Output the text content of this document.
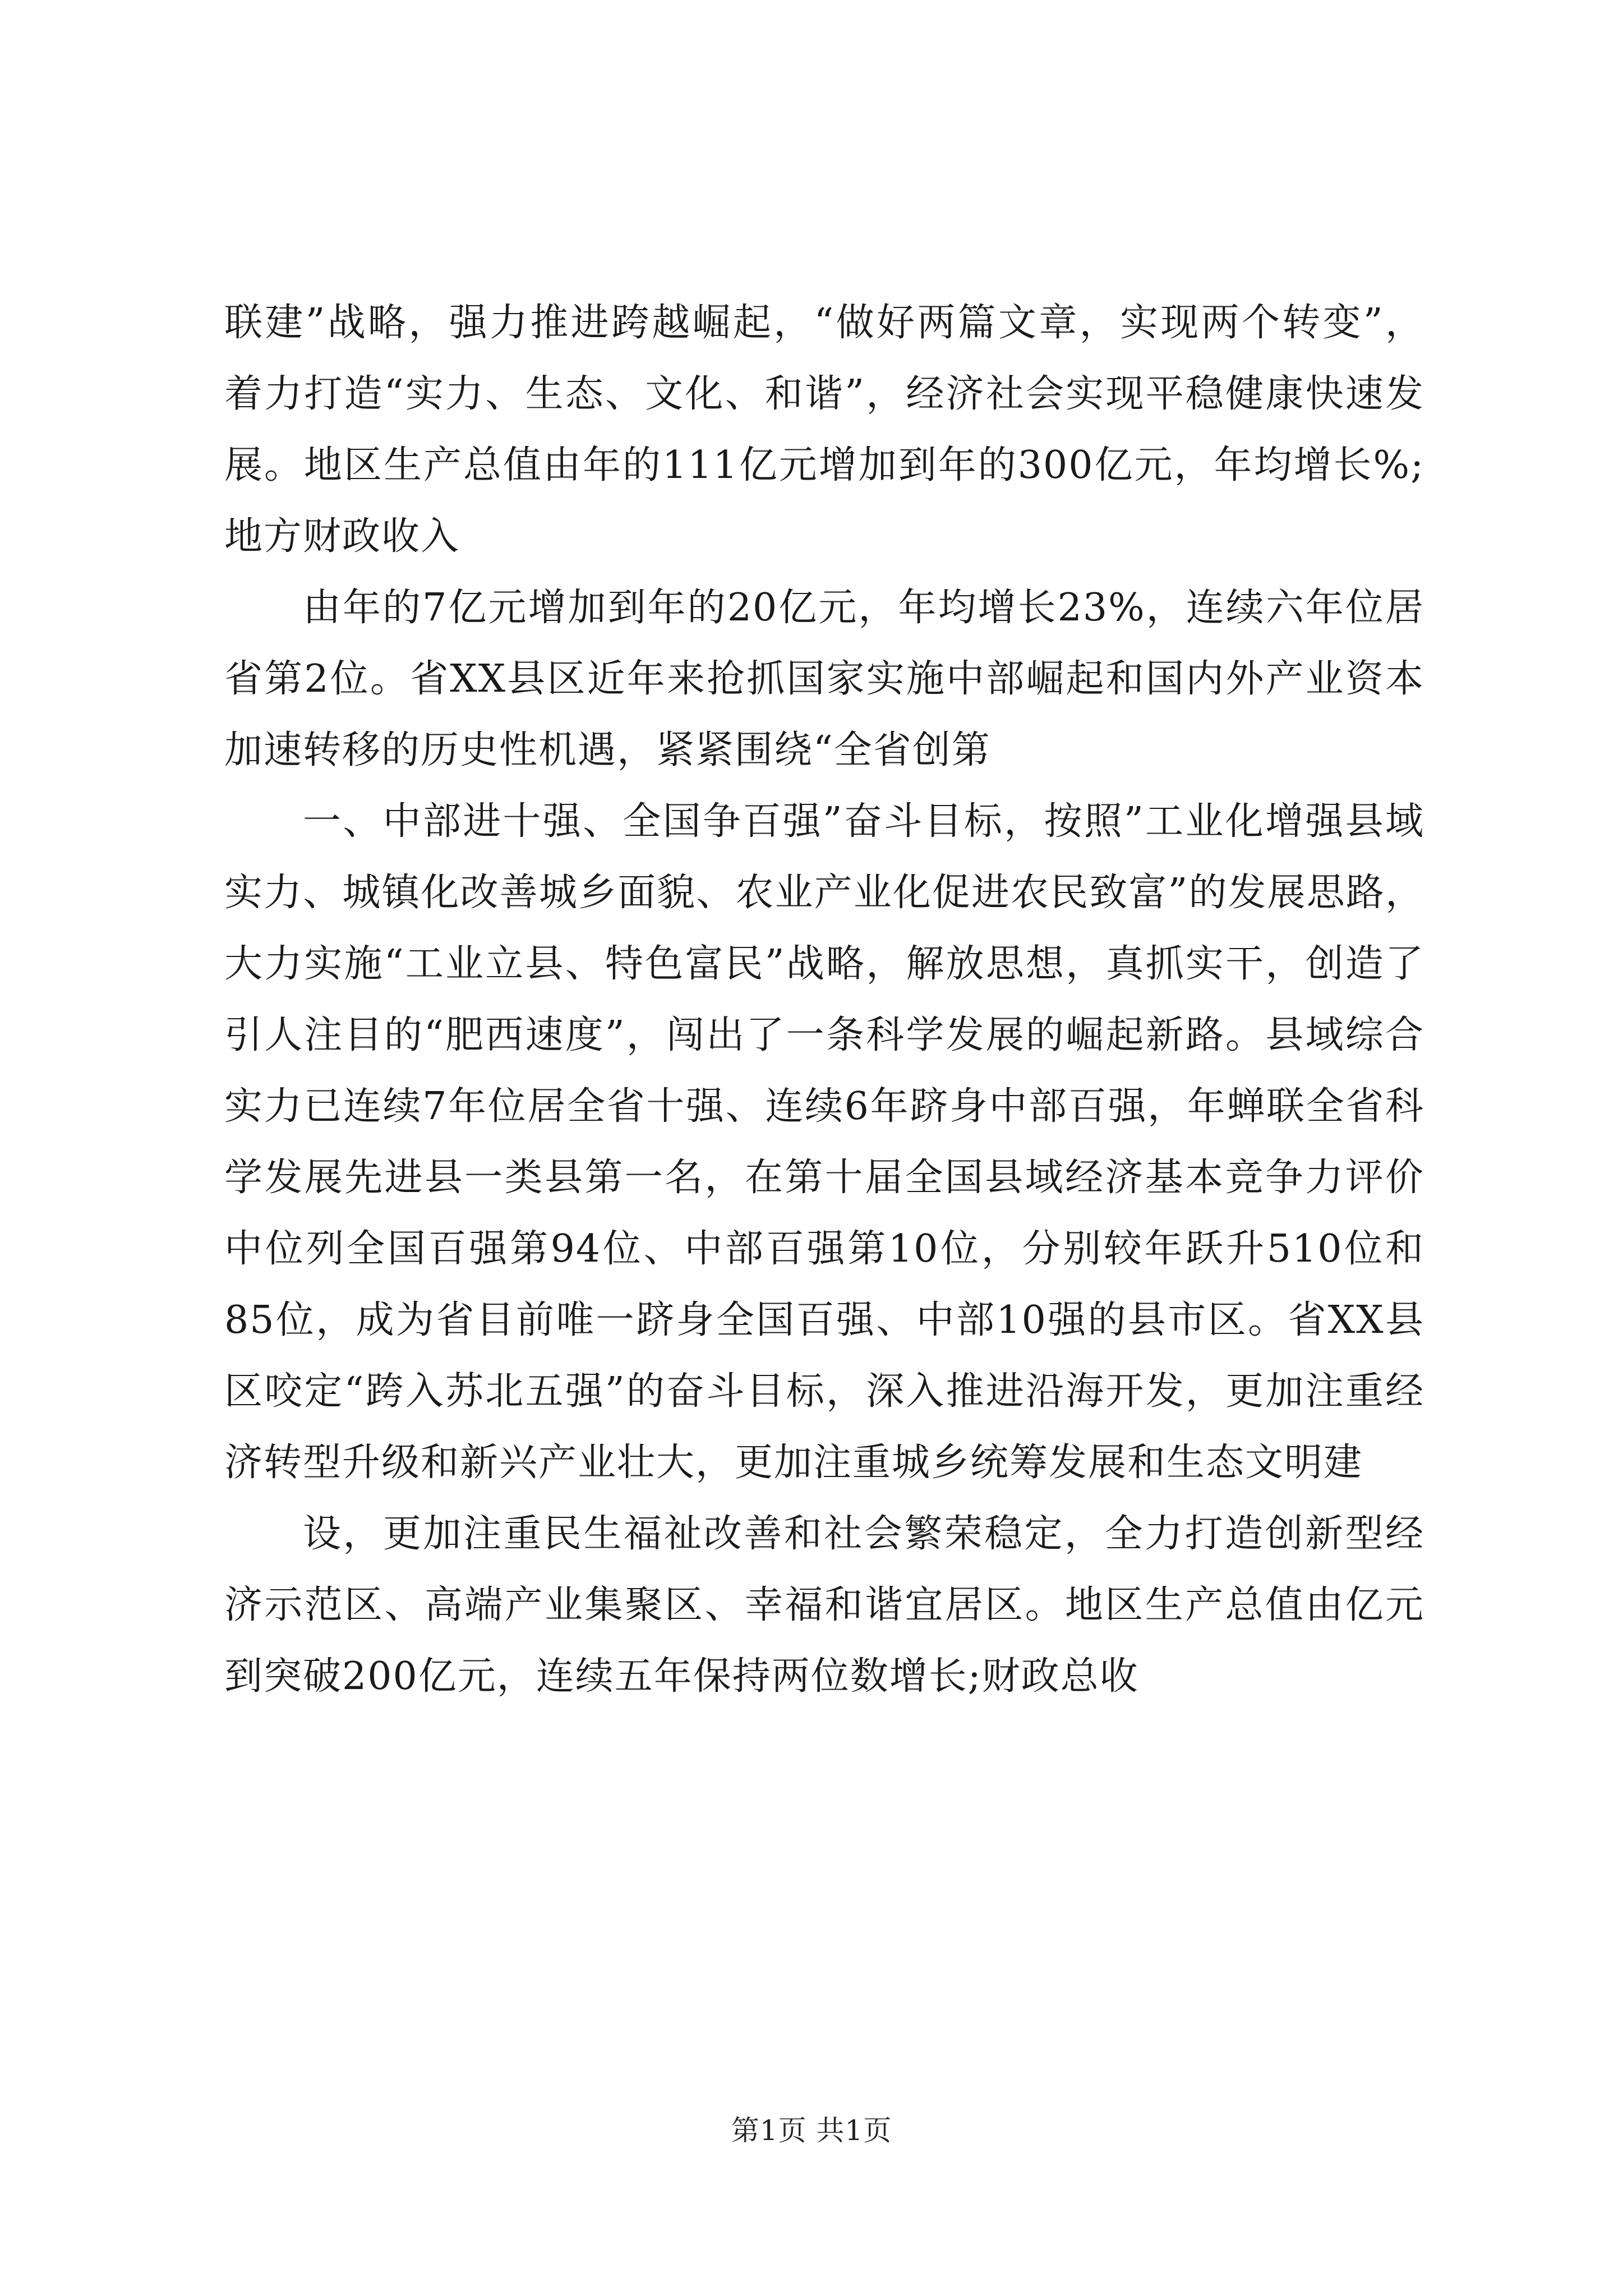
联建”战略，强力推进跨越崛起，“做好两篇文章，实现两个转变”，着力打造“实力、生态、文化、和谐”，经济社会实现平稳健康快速发展。地区生产总值由年的111亿元增加到年的300亿元，年均增长%;地方财政收入

由年的7亿元增加到年的20亿元，年均增长23%，连续六年位居省第2位。省XX县区近年来抢抓国家实施中部崛起和国内外产业资本加速转移的历史性机遇，紧紧围绕“全省创第

一、中部进十强、全国争百强”奋斗目标，按照”工业化增强县域实力、城镇化改善城乡面貌、农业产业化促进农民致富”的发展思路，大力实施“工业立县、特色富民”战略，解放思想，真抓实干，创造了引人注目的“肥西速度”，闯出了一条科学发展的崛起新路。县域综合实力已连续7年位居全省十强、连续6年跻身中部百强，年蝉联全省科学发展先进县一类县第一名，在第十届全国县域经济基本竞争力评价中位列全国百强第94位、中部百强第10位，分别较年跃升510位和85位，成为省目前唯一跻身全国百强、中部10强的县市区。省XX县区咬定“跨入苏北五强”的奋斗目标，深入推进沿海开发，更加注重经济转型升级和新兴产业壮大，更加注重城乡统筹发展和生态文明建

设，更加注重民生福祉改善和社会繁荣稳定，全力打造创新型经济示范区、高端产业集聚区、幸福和谐宜居区。地区生产总值由亿元到突破200亿元，连续五年保持两位数增长;财政总收

第1页 共1页
